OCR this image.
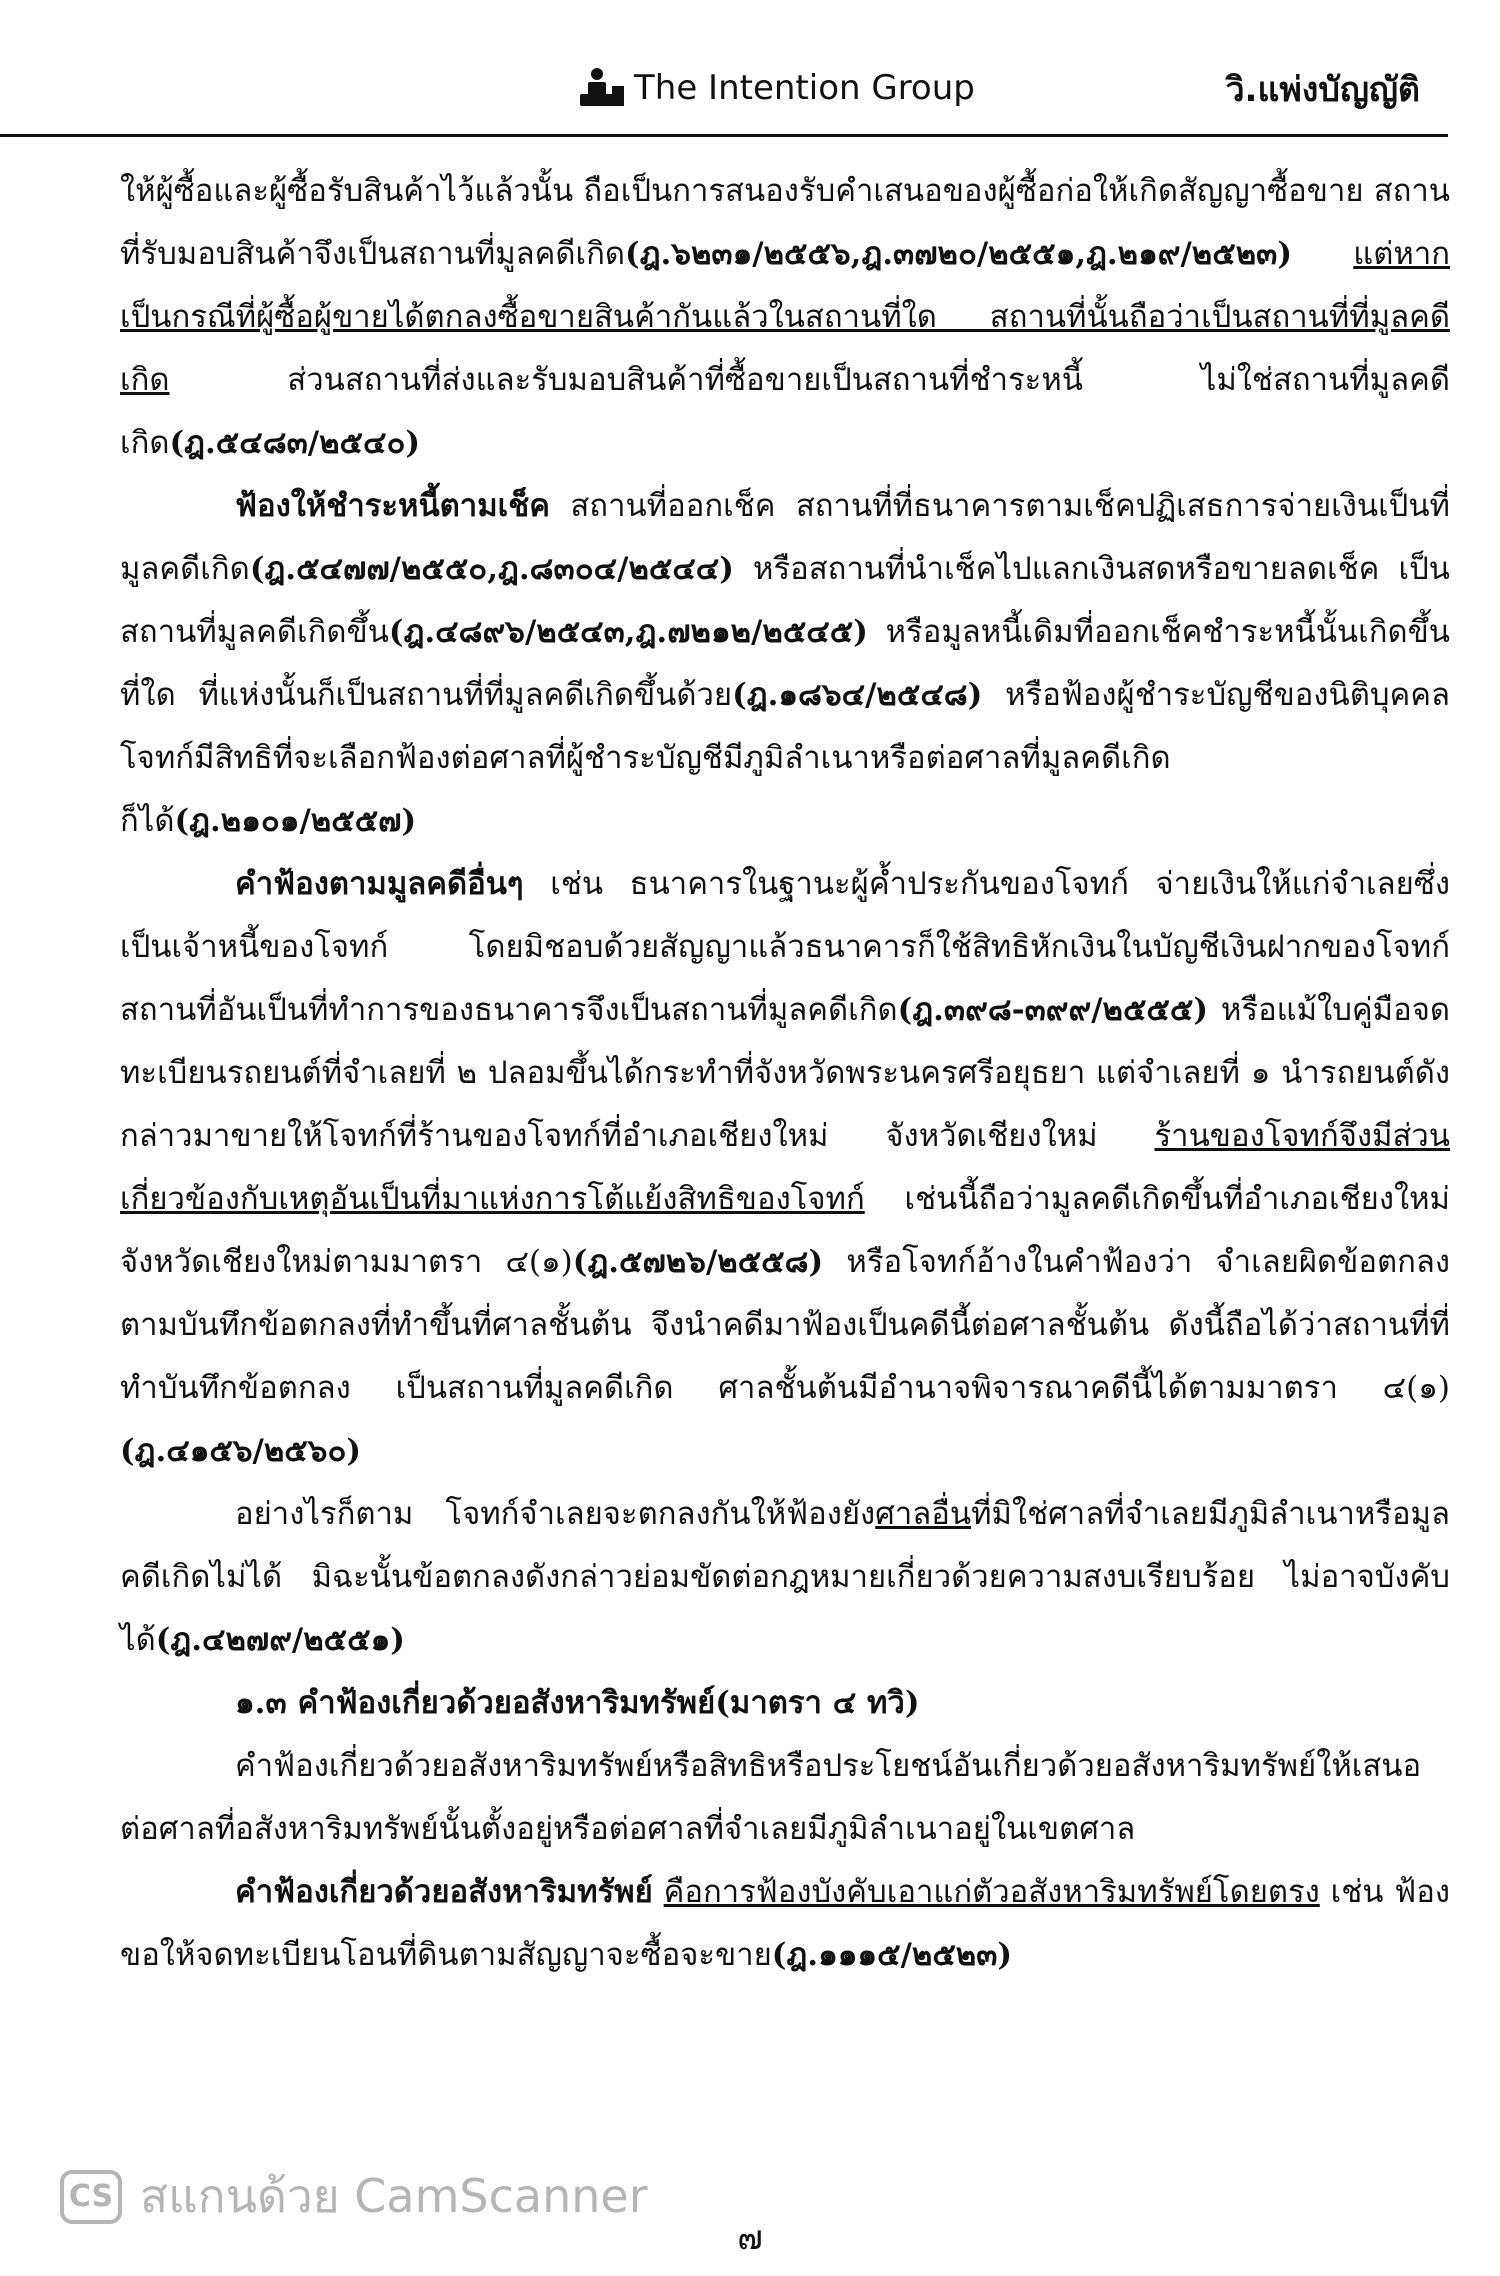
The Intention Group	วิ.แพ่งบัญญัติ

ให้ผู้ซื้อและผู้ซื้อรับสินค้าไว้แล้วนั้น ถือเป็นการสนองรับคำเสนอของผู้ซื้อก่อให้เกิดสัญญาซื้อขาย สถานที่รับมอบสินค้าจึงเป็นสถานที่มูลคดีเกิด(ฎ.๖๒๓๑/๒๕๕๖,ฎ.๓๗๒๐/๒๕๕๑,ฎ.๒๑๙/๒๕๒๓) แต่หากเป็นกรณีที่ผู้ซื้อผู้ขายได้ตกลงซื้อขายสินค้ากันแล้วในสถานที่ใด สถานที่นั้นถือว่าเป็นสถานที่ที่มูลคดีเกิด ส่วนสถานที่ส่งและรับมอบสินค้าที่ซื้อขายเป็นสถานที่ชำระหนี้ ไม่ใช่สถานที่มูลคดีเกิด(ฎ.๕๔๘๓/๒๕๔๐)

ฟ้องให้ชำระหนี้ตามเช็ค สถานที่ออกเช็ค สถานที่ที่ธนาคารตามเช็คปฏิเสธการจ่ายเงินเป็นที่มูลคดีเกิด(ฎ.๕๔๗๗/๒๕๕๐,ฎ.๘๓๐๔/๒๕๔๔) หรือสถานที่นำเช็คไปแลกเงินสดหรือขายลดเช็ค เป็นสถานที่มูลคดีเกิดขึ้น(ฎ.๔๘๙๖/๒๕๔๓,ฎ.๗๒๑๒/๒๕๔๕) หรือมูลหนี้เดิมที่ออกเช็คชำระหนี้นั้นเกิดขึ้นที่ใด ที่แห่งนั้นก็เป็นสถานที่ที่มูลคดีเกิดขึ้นด้วย(ฎ.๑๘๖๔/๒๕๔๘) หรือฟ้องผู้ชำระบัญชีของนิติบุคคล โจทก์มีสิทธิที่จะเลือกฟ้องต่อศาลที่ผู้ชำระบัญชีมีภูมิลำเนาหรือต่อศาลที่มูลคดีเกิดก็ได้(ฎ.๒๑๐๑/๒๕๕๗)

คำฟ้องตามมูลคดีอื่นๆ เช่น ธนาคารในฐานะผู้ค้ำประกันของโจทก์ จ่ายเงินให้แก่จำเลยซึ่งเป็นเจ้าหนี้ของโจทก์ โดยมิชอบด้วยสัญญาแล้วธนาคารก็ใช้สิทธิหักเงินในบัญชีเงินฝากของโจทก์ สถานที่อันเป็นที่ทำการของธนาคารจึงเป็นสถานที่มูลคดีเกิด(ฎ.๓๙๘-๓๙๙/๒๕๕๕) หรือแม้ใบคู่มือจดทะเบียนรถยนต์ที่จำเลยที่ ๒ ปลอมขึ้นได้กระทำที่จังหวัดพระนครศรีอยุธยา แต่จำเลยที่ ๑ นำรถยนต์ดังกล่าวมาขายให้โจทก์ที่ร้านของโจทก์ที่อำเภอเชียงใหม่ จังหวัดเชียงใหม่ ร้านของโจทก์จึงมีส่วนเกี่ยวข้องกับเหตุอันเป็นที่มาแห่งการโต้แย้งสิทธิของโจทก์ เช่นนี้ถือว่ามูลคดีเกิดขึ้นที่อำเภอเชียงใหม่ จังหวัดเชียงใหม่ตามมาตรา ๔(๑)(ฎ.๕๗๒๖/๒๕๕๘) หรือโจทก์อ้างในคำฟ้องว่า จำเลยผิดข้อตกลงตามบันทึกข้อตกลงที่ทำขึ้นที่ศาลชั้นต้น จึงนำคดีมาฟ้องเป็นคดีนี้ต่อศาลชั้นต้น ดังนี้ถือได้ว่าสถานที่ที่ทำบันทึกข้อตกลง เป็นสถานที่มูลคดีเกิด ศาลชั้นต้นมีอำนาจพิจารณาคดีนี้ได้ตามมาตรา ๔(๑)(ฎ.๔๑๕๖/๒๕๖๐)

อย่างไรก็ตาม โจทก์จำเลยจะตกลงกันให้ฟ้องยังศาลอื่นที่มิใช่ศาลที่จำเลยมีภูมิลำเนาหรือมูลคดีเกิดไม่ได้ มิฉะนั้นข้อตกลงดังกล่าวย่อมขัดต่อกฎหมายเกี่ยวด้วยความสงบเรียบร้อย ไม่อาจบังคับได้(ฎ.๔๒๗๙/๒๕๕๑)

๑.๓ คำฟ้องเกี่ยวด้วยอสังหาริมทรัพย์(มาตรา ๔ ทวิ)

คำฟ้องเกี่ยวด้วยอสังหาริมทรัพย์หรือสิทธิหรือประโยชน์อันเกี่ยวด้วยอสังหาริมทรัพย์ให้เสนอต่อศาลที่อสังหาริมทรัพย์นั้นตั้งอยู่หรือต่อศาลที่จำเลยมีภูมิลำเนาอยู่ในเขตศาล

คำฟ้องเกี่ยวด้วยอสังหาริมทรัพย์ คือการฟ้องบังคับเอาแก่ตัวอสังหาริมทรัพย์โดยตรง เช่น ฟ้องขอให้จดทะเบียนโอนที่ดินตามสัญญาจะซื้อจะขาย(ฎ.๑๑๑๕/๒๕๒๓)

CS สแกนด้วย CamScanner
๗
